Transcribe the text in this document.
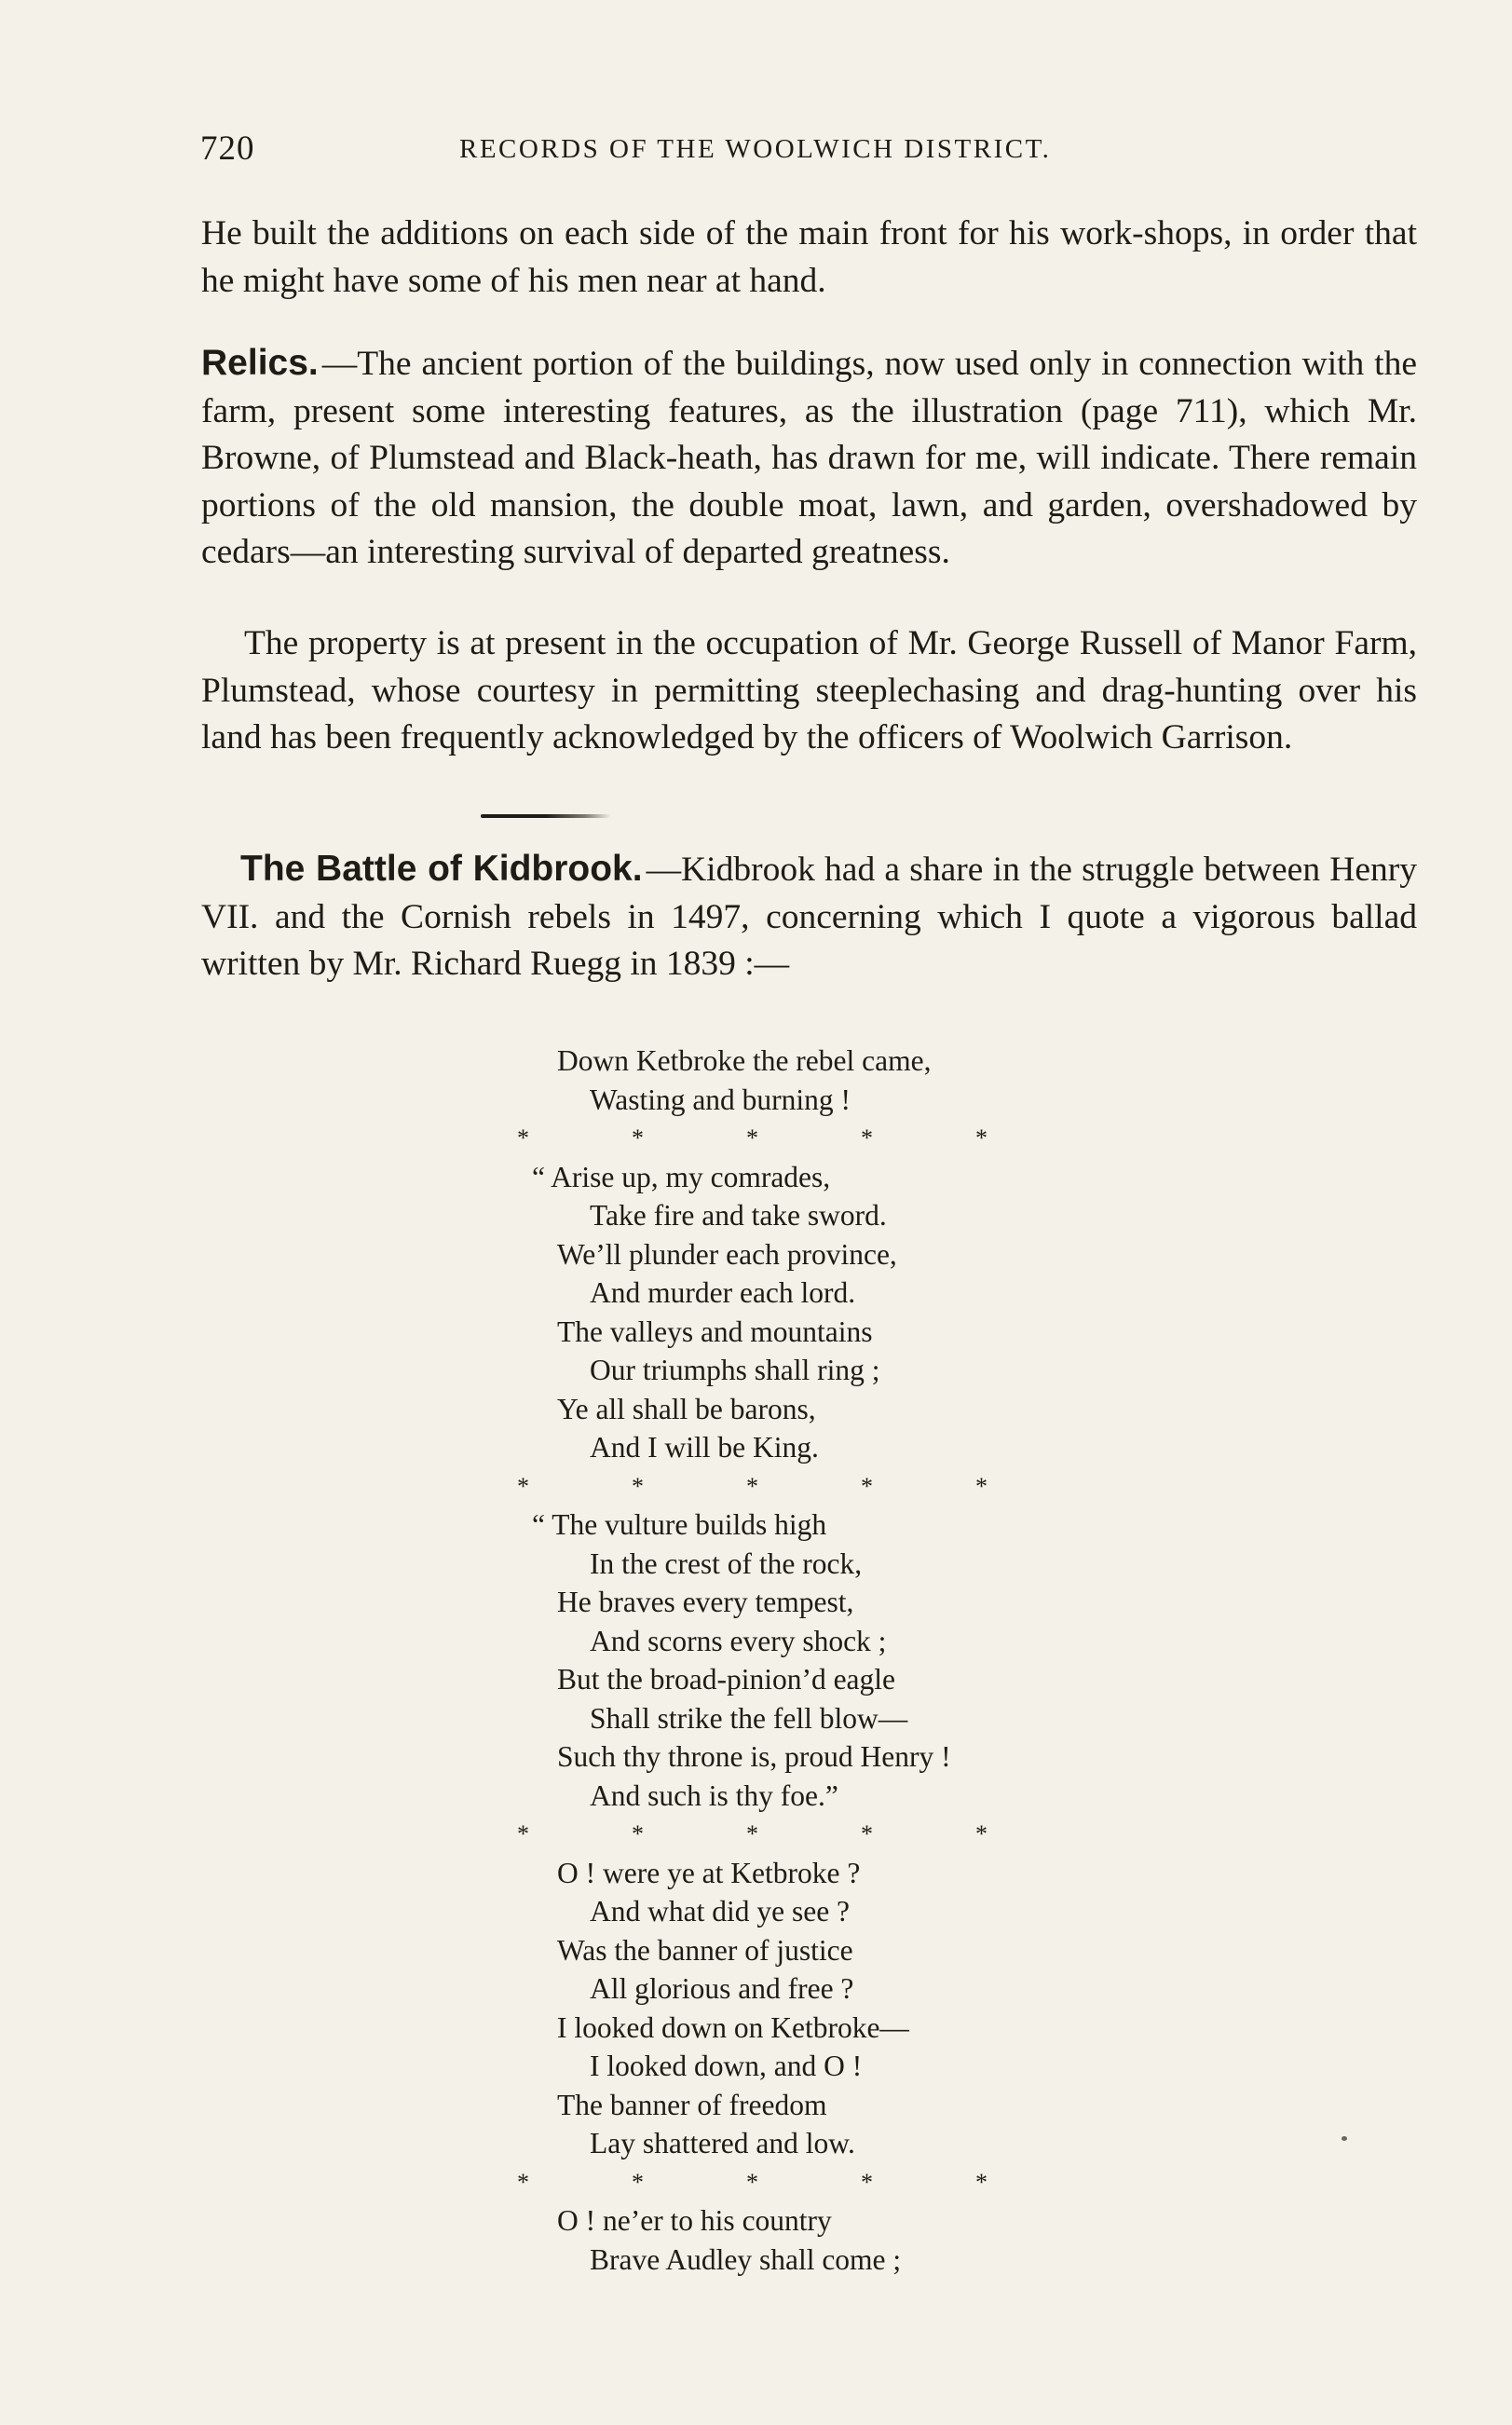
720	RECORDS OF THE WOOLWICH DISTRICT.

He built the additions on each side of the main front for his work-shops, in order that he might have some of his men near at hand.

Relics. —The ancient portion of the buildings, now used only in connection with the farm, present some interesting features, as the illustration (page 711), which Mr. Browne, of Plumstead and Black-heath, has drawn for me, will indicate. There remain portions of the old mansion, the double moat, lawn, and garden, overshadowed by cedars—an interesting survival of departed greatness.

The property is at present in the occupation of Mr. George Russell of Manor Farm, Plumstead, whose courtesy in permitting steeplechasing and drag-hunting over his land has been frequently acknowledged by the officers of Woolwich Garrison.

The Battle of Kidbrook. —Kidbrook had a share in the struggle between Henry VII. and the Cornish rebels in 1497, concerning which I quote a vigorous ballad written by Mr. Richard Ruegg in 1839 :—

Down Ketbroke the rebel came,
Wasting and burning !
*	*	*	*	*
“ Arise up, my comrades,
Take fire and take sword.
We’ll plunder each province,
And murder each lord.
The valleys and mountains
Our triumphs shall ring ;
Ye all shall be barons,
And I will be King.
*	*	*	*	*
“ The vulture builds high
In the crest of the rock,
He braves every tempest,
And scorns every shock ;
But the broad-pinion’d eagle
Shall strike the fell blow—
Such thy throne is, proud Henry !
And such is thy foe.”
*	*	*	*	*
O ! were ye at Ketbroke ?
And what did ye see ?
Was the banner of justice
All glorious and free ?
I looked down on Ketbroke—
I looked down, and O !
The banner of freedom
Lay shattered and low.
*	*	*	*	*
O ! ne’er to his country
Brave Audley shall come ;
